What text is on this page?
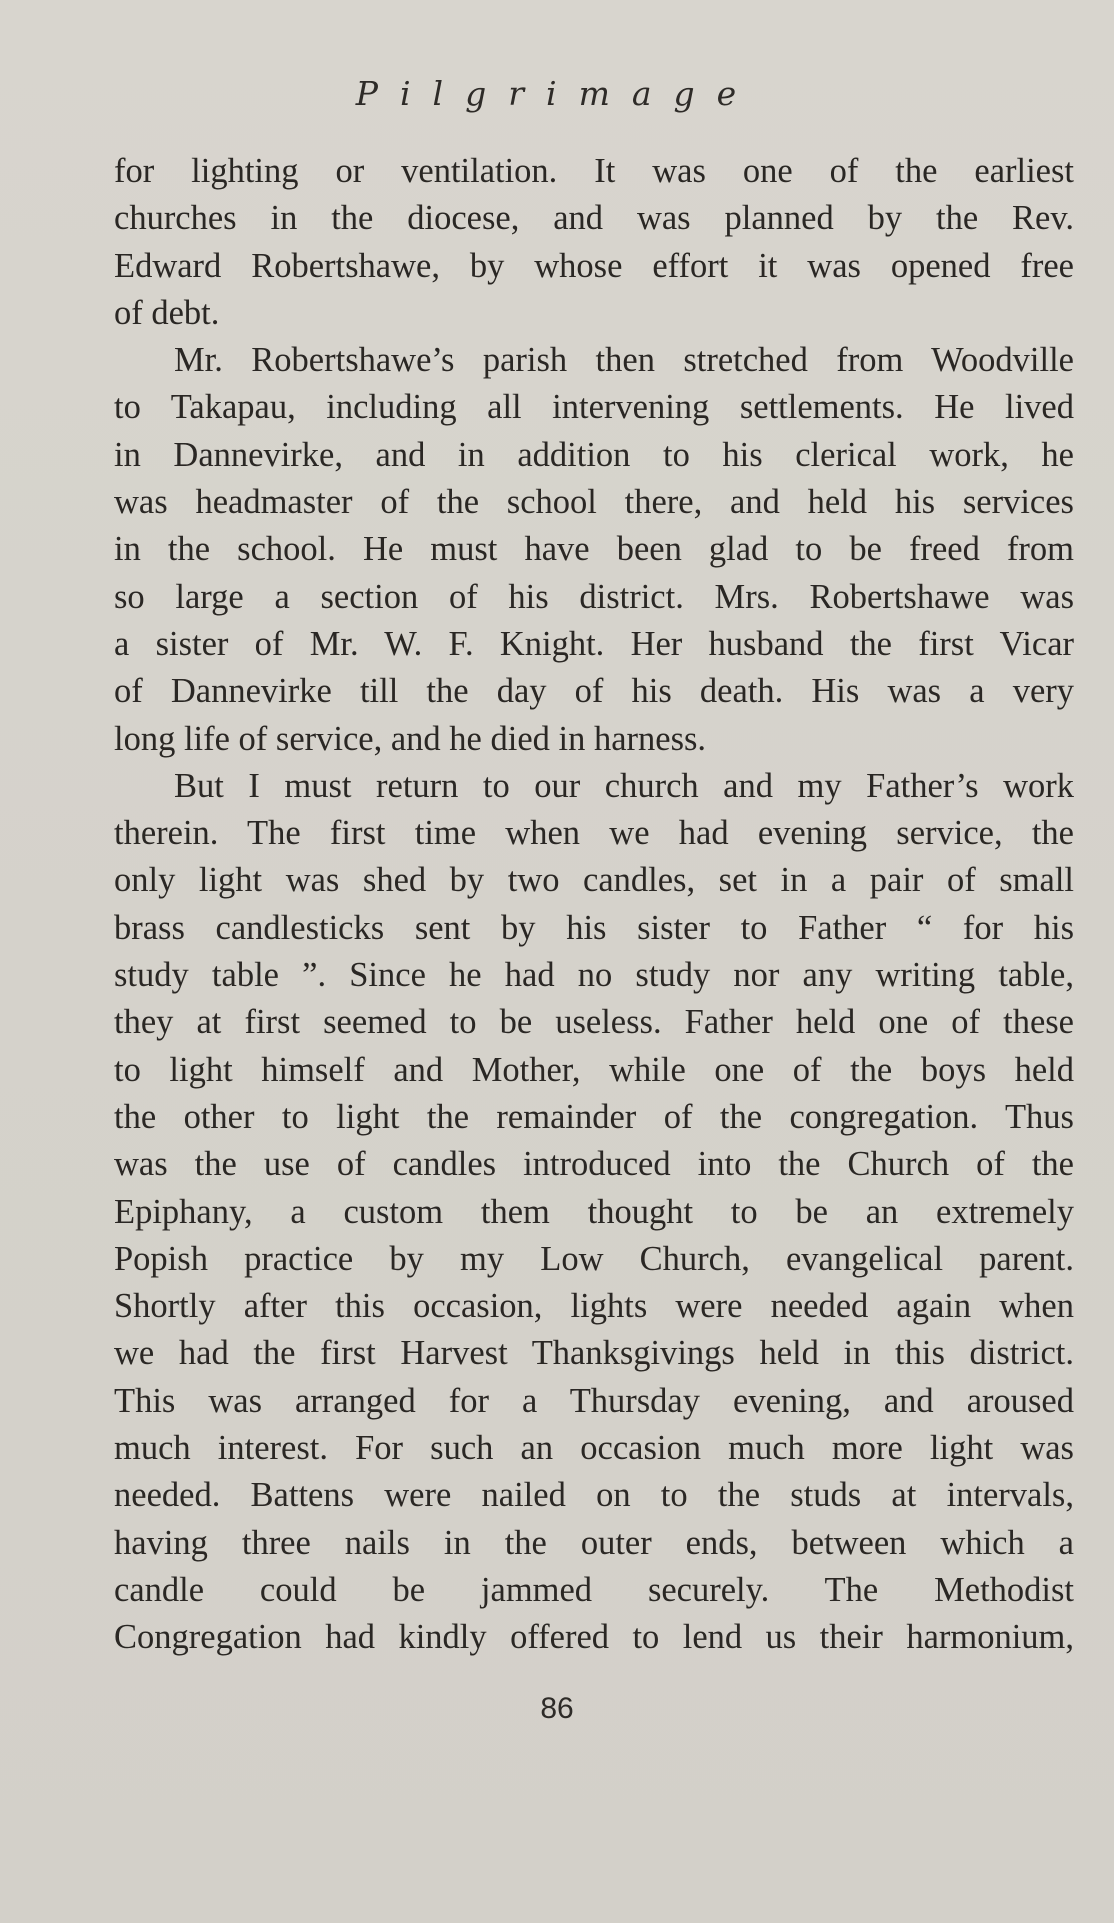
Pilgrimage
for lighting or ventilation. It was one of the earliest
churches in the diocese, and was planned by the Rev.
Edward Robertshawe, by whose effort it was opened free
of debt.
Mr. Robertshawe’s parish then stretched from Woodville
to Takapau, including all intervening settlements. He lived
in Dannevirke, and in addition to his clerical work, he
was headmaster of the school there, and held his services
in the school. He must have been glad to be freed from
so large a section of his district. Mrs. Robertshawe was
a sister of Mr. W. F. Knight. Her husband the first Vicar
of Dannevirke till the day of his death. His was a very
long life of service, and he died in harness.
But I must return to our church and my Father’s work
therein. The first time when we had evening service, the
only light was shed by two candles, set in a pair of small
brass candlesticks sent by his sister to Father “ for his
study table ”. Since he had no study nor any writing table,
they at first seemed to be useless. Father held one of these
to light himself and Mother, while one of the boys held
the other to light the remainder of the congregation. Thus
was the use of candles introduced into the Church of the
Epiphany, a custom them thought to be an extremely
Popish practice by my Low Church, evangelical parent.
Shortly after this occasion, lights were needed again when
we had the first Harvest Thanksgivings held in this district.
This was arranged for a Thursday evening, and aroused
much interest. For such an occasion much more light was
needed. Battens were nailed on to the studs at intervals,
having three nails in the outer ends, between which a
candle could be jammed securely. The Methodist
Congregation had kindly offered to lend us their harmonium,
86
